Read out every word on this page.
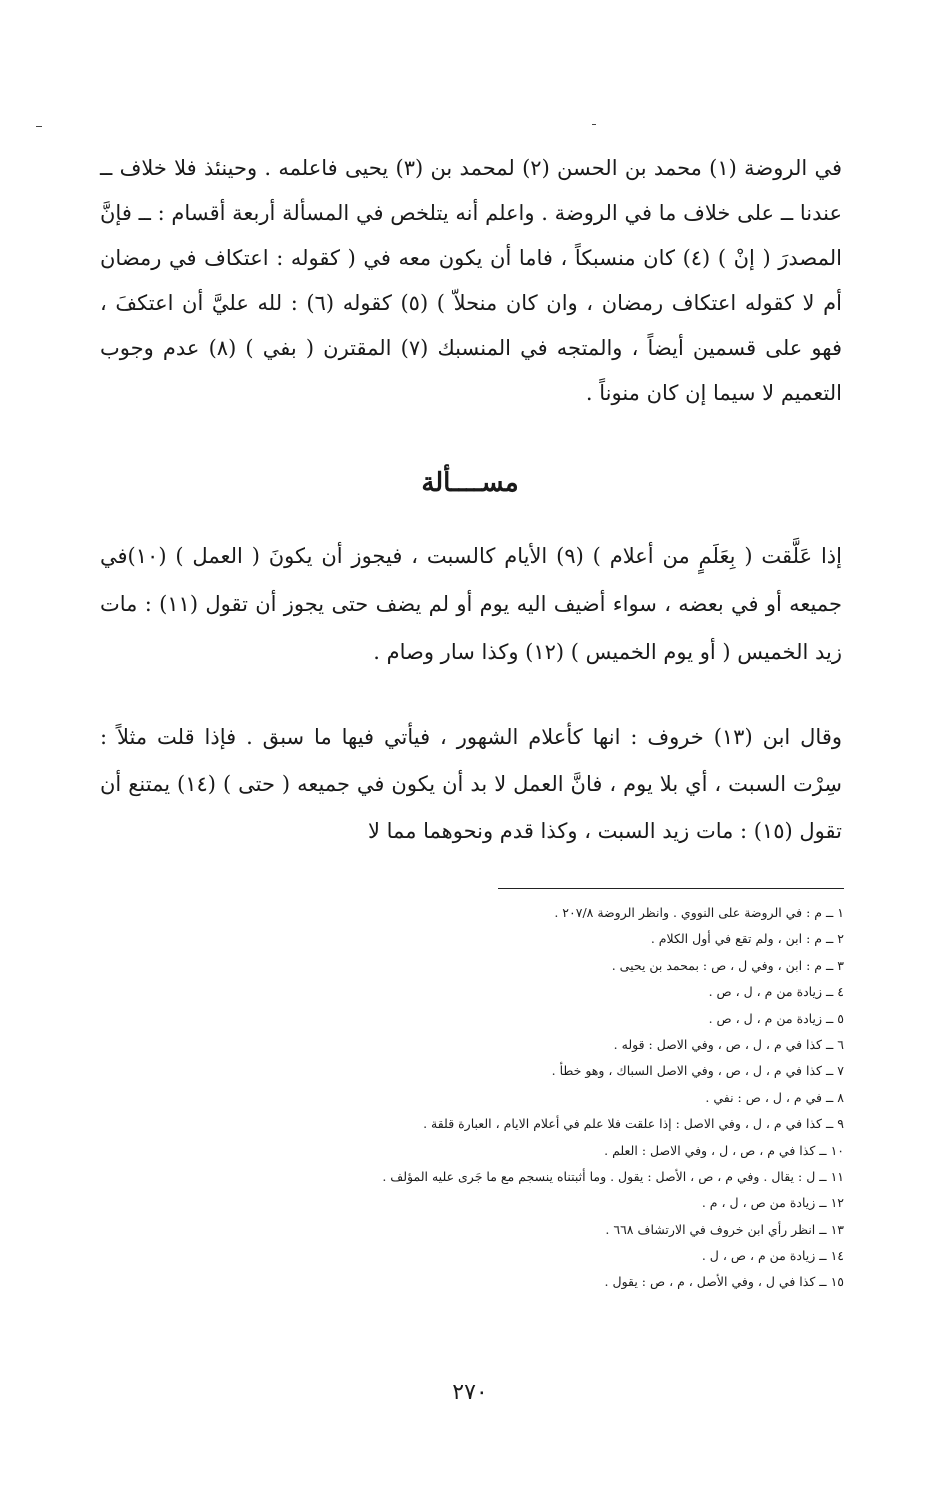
في الروضة (١) محمد بن الحسن (٢) لمحمد بن (٣) يحيى فاعلمه . وحينئذ فلا خلاف ــ عندنا ــ على خلاف ما في الروضة . واعلم أنه يتلخص في المسألة أربعة أقسام : ــ فإنَّ المصدرَ ( إنْ ) (٤) كان منسبكاً ، فاما أن يكون معه في ( كقوله : اعتكاف في رمضان أم لا كقوله اعتكاف رمضان ، وان كان منحلاّ ) (٥) كقوله (٦) : لله عليَّ أن اعتكفَ ، فهو على قسمين أيضاً ، والمتجه في المنسبك (٧) المقترن ( بفي ) (٨) عدم وجوب التعميم لا سيما إن كان منوناً .

مســــألة

إذا عَلَّقت ( بِعَلَمٍ من أعلام ) (٩) الأيام كالسبت ، فيجوز أن يكونَ ( العمل ) (١٠)في جميعه أو في بعضه ، سواء أضيف اليه يوم أو لم يضف حتى يجوز أن تقول (١١) : مات زيد الخميس ( أو يوم الخميس ) (١٢) وكذا سار وصام .

وقال ابن (١٣) خروف : انها كأعلام الشهور ، فيأتي فيها ما سبق . فإذا قلت مثلاً : سِرْت السبت ، أي بلا يوم ، فانَّ العمل لا بد أن يكون في جميعه ( حتى ) (١٤) يمتنع أن تقول (١٥) : مات زيد السبت ، وكذا قدم ونحوهما مما لا

١ ــ م : في الروضة على النووي . وانظر الروضة ٢٠٧/٨ .
٢ ــ م : ابن ، ولم تقع في أول الكلام .
٣ ــ م : ابن ، وفي ل ، ص : بمحمد بن يحيى .
٤ ــ زيادة من م ، ل ، ص .
٥ ــ زيادة من م ، ل ، ص .
٦ ــ كذا في م ، ل ، ص ، وفي الاصل : قوله .
٧ ــ كذا في م ، ل ، ص ، وفي الاصل السباك ، وهو خطأ .
٨ ــ في م ، ل ، ص : نفي .
٩ ــ كذا في م ، ل ، وفي الاصل : إذا علقت فلا علم في أعلام الايام ، العبارة قلقة .
١٠ ــ كذا في م ، ص ، ل ، وفي الاصل : العلم .
١١ ــ ل : يقال . وفي م ، ص ، الأصل : يقول . وما أثبتناه ينسجم مع ما جَرى عليه المؤلف .
١٢ ــ زيادة من ص ، ل ، م .
١٣ ــ انظر رأي ابن خروف في الارتشاف ٦٦٨ .
١٤ ــ زيادة من م ، ص ، ل .
١٥ ــ كذا في ل ، وفي الأصل ، م ، ص : يقول .

٢٧٠
